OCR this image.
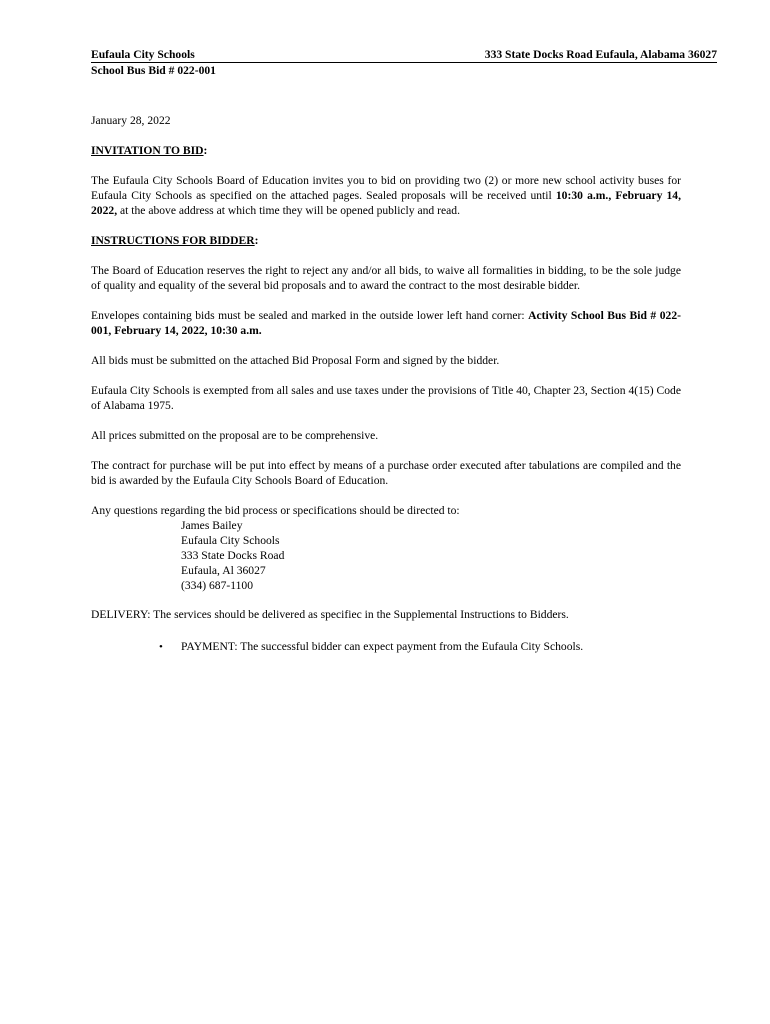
Eufaula City Schools	333 State Docks Road Eufaula, Alabama 36027
School Bus Bid # 022-001

January 28, 2022

INVITATION TO BID:

The Eufaula City Schools Board of Education invites you to bid on providing two (2) or more new school activity buses for Eufaula City Schools as specified on the attached pages. Sealed proposals will be received until 10:30 a.m., February 14, 2022, at the above address at which time they will be opened publicly and read.

INSTRUCTIONS FOR BIDDER:

The Board of Education reserves the right to reject any and/or all bids, to waive all formalities in bidding, to be the sole judge of quality and equality of the several bid proposals and to award the contract to the most desirable bidder.

Envelopes containing bids must be sealed and marked in the outside lower left hand corner: Activity School Bus Bid # 022-001, February 14, 2022, 10:30 a.m.

All bids must be submitted on the attached Bid Proposal Form and signed by the bidder.

Eufaula City Schools is exempted from all sales and use taxes under the provisions of Title 40, Chapter 23, Section 4(15) Code of Alabama 1975.

All prices submitted on the proposal are to be comprehensive.

The contract for purchase will be put into effect by means of a purchase order executed after tabulations are compiled and the bid is awarded by the Eufaula City Schools Board of Education.

Any questions regarding the bid process or specifications should be directed to:

James Bailey
Eufaula City Schools
333 State Docks Road
Eufaula, Al 36027
(334) 687-1100

DELIVERY: The services should be delivered as specifiec in the Supplemental Instructions to Bidders.

•	PAYMENT: The successful bidder can expect payment from the Eufaula City Schools.
